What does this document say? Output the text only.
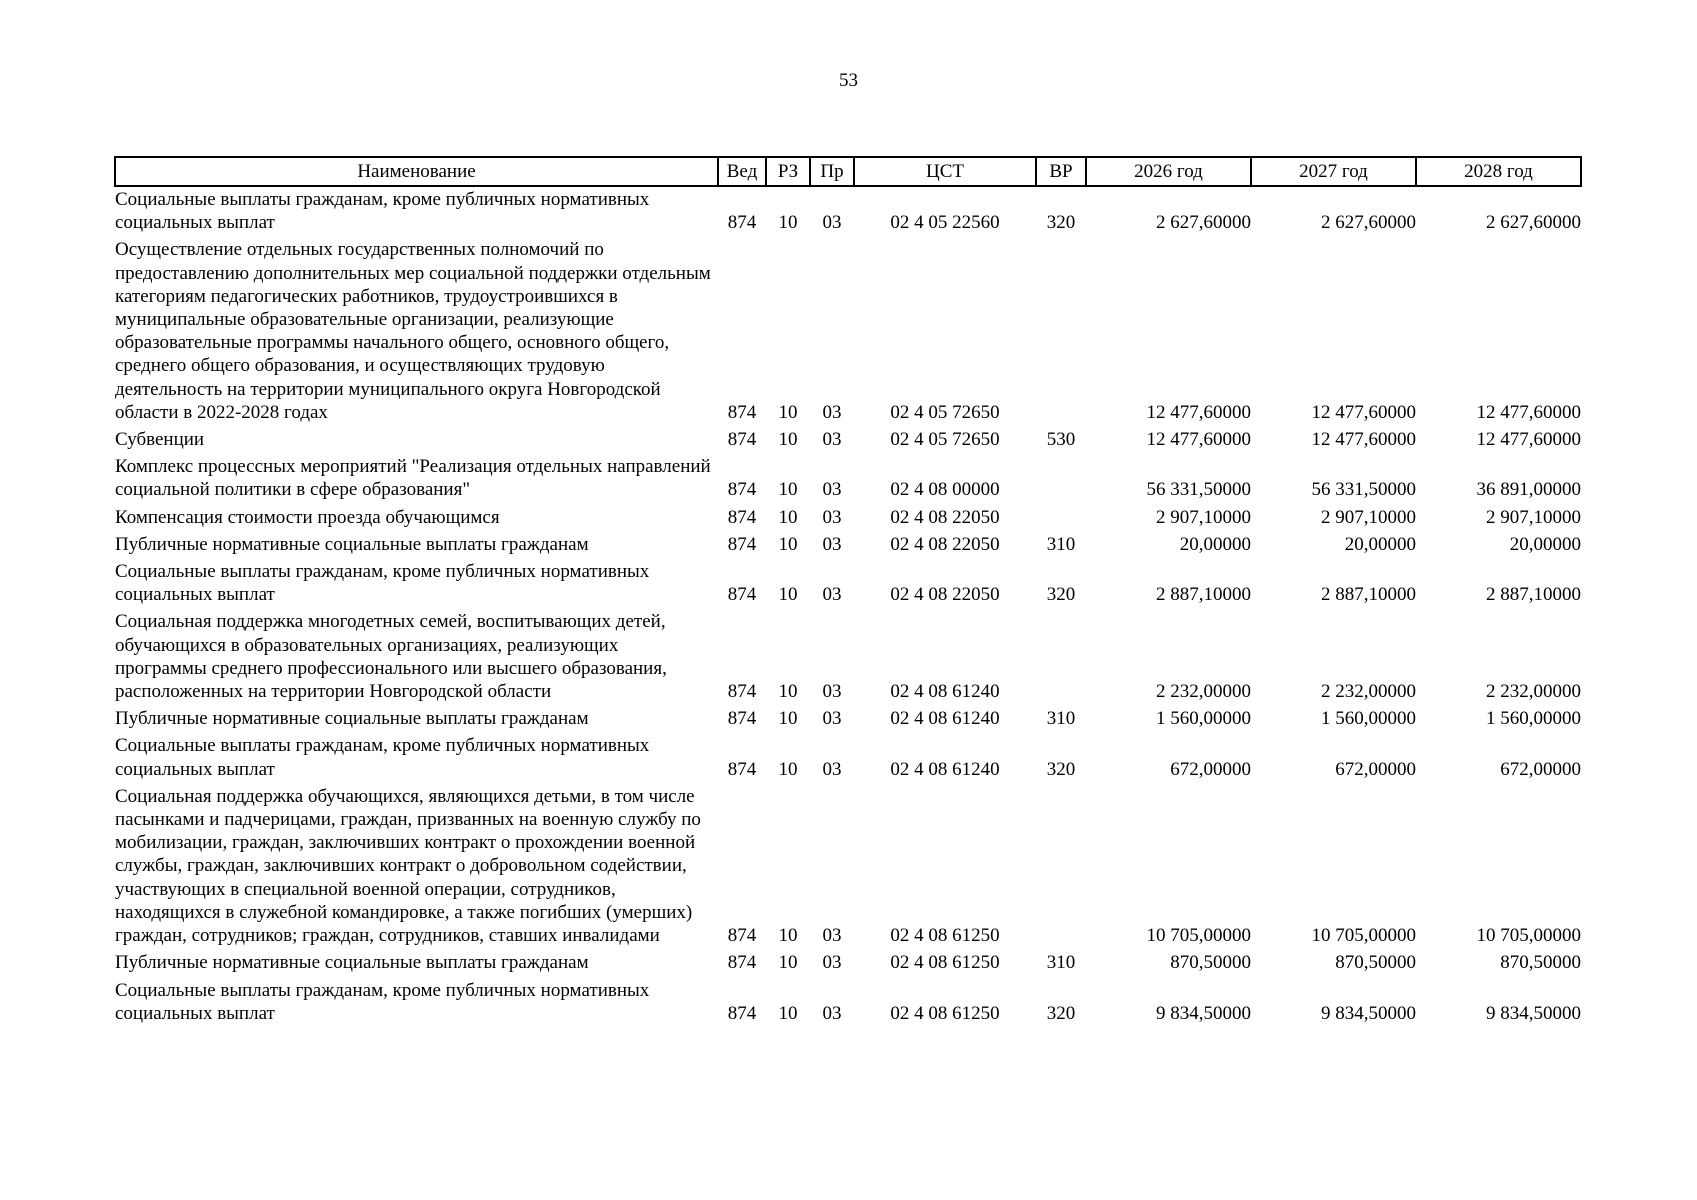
53
Наименование	Вед	РЗ	Пр	ЦСТ	ВР	2026 год	2027 год	2028 год
Социальные выплаты гражданам, кроме публичных нормативных социальных выплат	874	10	03	02 4 05 22560	320	2 627,60000	2 627,60000	2 627,60000
Осуществление отдельных государственных полномочий по предоставлению дополнительных мер социальной поддержки отдельным категориям педагогических работников, трудоустроившихся в муниципальные образовательные организации, реализующие образовательные программы начального общего, основного общего, среднего общего образования, и осуществляющих трудовую деятельность на территории муниципального округа Новгородской области в 2022-2028 годах	874	10	03	02 4 05 72650		12 477,60000	12 477,60000	12 477,60000
Субвенции	874	10	03	02 4 05 72650	530	12 477,60000	12 477,60000	12 477,60000
Комплекс процессных мероприятий "Реализация отдельных направлений социальной политики в сфере образования"	874	10	03	02 4 08 00000		56 331,50000	56 331,50000	36 891,00000
Компенсация стоимости проезда обучающимся	874	10	03	02 4 08 22050		2 907,10000	2 907,10000	2 907,10000
Публичные нормативные социальные выплаты гражданам	874	10	03	02 4 08 22050	310	20,00000	20,00000	20,00000
Социальные выплаты гражданам, кроме публичных нормативных социальных выплат	874	10	03	02 4 08 22050	320	2 887,10000	2 887,10000	2 887,10000
Социальная поддержка многодетных семей, воспитывающих детей, обучающихся в образовательных организациях, реализующих программы среднего профессионального или высшего образования, расположенных на территории Новгородской области	874	10	03	02 4 08 61240		2 232,00000	2 232,00000	2 232,00000
Публичные нормативные социальные выплаты гражданам	874	10	03	02 4 08 61240	310	1 560,00000	1 560,00000	1 560,00000
Социальные выплаты гражданам, кроме публичных нормативных социальных выплат	874	10	03	02 4 08 61240	320	672,00000	672,00000	672,00000
Социальная поддержка обучающихся, являющихся детьми, в том числе пасынками и падчерицами, граждан, призванных на военную службу по мобилизации, граждан, заключивших контракт о прохождении военной службы, граждан, заключивших контракт о добровольном содействии, участвующих в специальной военной операции, сотрудников, находящихся в служебной командировке, а также погибших (умерших) граждан, сотрудников; граждан, сотрудников, ставших инвалидами	874	10	03	02 4 08 61250		10 705,00000	10 705,00000	10 705,00000
Публичные нормативные социальные выплаты гражданам	874	10	03	02 4 08 61250	310	870,50000	870,50000	870,50000
Социальные выплаты гражданам, кроме публичных нормативных социальных выплат	874	10	03	02 4 08 61250	320	9 834,50000	9 834,50000	9 834,50000
